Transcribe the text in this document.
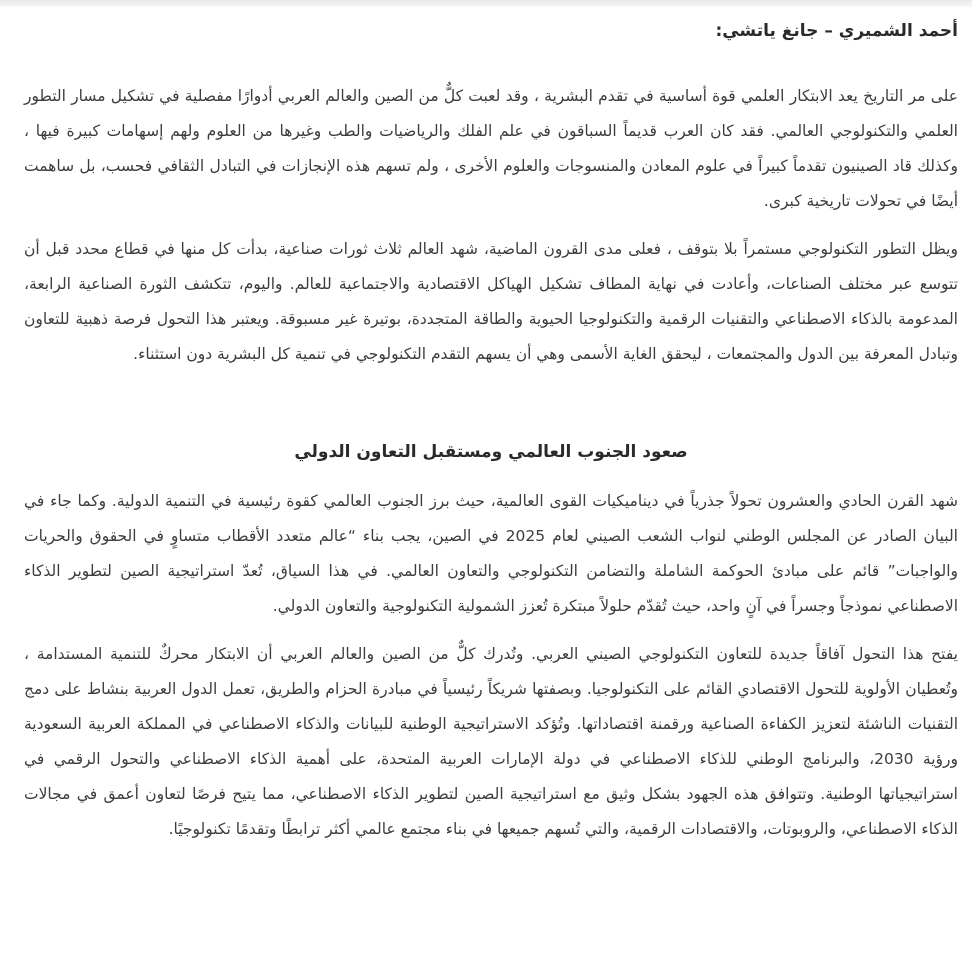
أحمد الشميري – جانغ ياتشي:

على مر التاريخ يعد الابتكار العلمي قوة أساسية في تقدم البشرية ، وقد لعبت كلٌّ من الصين والعالم العربي أدوارًا مفصلية في تشكيل مسار التطور العلمي والتكنولوجي العالمي. فقد كان العرب قديماً السباقون في علم الفلك والرياضيات والطب وغيرها من العلوم ولهم إسهامات كبيرة فيها ، وكذلك قاد الصينيون تقدماً كبيراً في علوم المعادن والمنسوجات والعلوم الأخرى ، ولم تسهم هذه الإنجازات في التبادل الثقافي فحسب، بل ساهمت أيضًا في تحولات تاريخية كبرى.

ويظل التطور التكنولوجي مستمراً بلا بتوقف ، فعلى مدى القرون الماضية، شهد العالم ثلاث ثورات صناعية، بدأت كل منها في قطاع محدد قبل أن تتوسع عبر مختلف الصناعات، وأعادت في نهاية المطاف تشكيل الهياكل الاقتصادية والاجتماعية للعالم. واليوم، تتكشف الثورة الصناعية الرابعة، المدعومة بالذكاء الاصطناعي والتقنيات الرقمية والتكنولوجيا الحيوية والطاقة المتجددة، بوتيرة غير مسبوقة. ويعتبر هذا التحول فرصة ذهبية للتعاون وتبادل المعرفة بين الدول والمجتمعات ، ليحقق الغاية الأسمى وهي أن يسهم التقدم التكنولوجي في تنمية كل البشرية دون استثناء.

صعود الجنوب العالمي ومستقبل التعاون الدولي

شهد القرن الحادي والعشرون تحولاً جذرياً في ديناميكيات القوى العالمية، حيث برز الجنوب العالمي كقوة رئيسية في التنمية الدولية. وكما جاء في البيان الصادر عن المجلس الوطني لنواب الشعب الصيني لعام 2025 في الصين، يجب بناء “عالم متعدد الأقطاب متساوٍ في الحقوق والحريات والواجبات” قائم على مبادئ الحوكمة الشاملة والتضامن التكنولوجي والتعاون العالمي. في هذا السياق، تُعدّ استراتيجية الصين لتطوير الذكاء الاصطناعي نموذجاً وجسراً في آنٍ واحد، حيث تُقدّم حلولاً مبتكرة تُعزز الشمولية التكنولوجية والتعاون الدولي.

يفتح هذا التحول آفاقاً جديدة للتعاون التكنولوجي الصيني العربي. وتُدرك كلٌّ من الصين والعالم العربي أن الابتكار محركٌ للتنمية المستدامة ، وتُعطيان الأولوية للتحول الاقتصادي القائم على التكنولوجيا. وبصفتها شريكاً رئيسياً في مبادرة الحزام والطريق، تعمل الدول العربية بنشاط على دمج التقنيات الناشئة لتعزيز الكفاءة الصناعية ورقمنة اقتصاداتها. وتُؤكد الاستراتيجية الوطنية للبيانات والذكاء الاصطناعي في المملكة العربية السعودية ورؤية 2030، والبرنامج الوطني للذكاء الاصطناعي في دولة الإمارات العربية المتحدة، على أهمية الذكاء الاصطناعي والتحول الرقمي في استراتيجياتها الوطنية. وتتوافق هذه الجهود بشكل وثيق مع استراتيجية الصين لتطوير الذكاء الاصطناعي، مما يتيح فرصًا لتعاون أعمق في مجالات الذكاء الاصطناعي، والروبوتات، والاقتصادات الرقمية، والتي تُسهم جميعها في بناء مجتمع عالمي أكثر ترابطًا وتقدمًا تكنولوجيًا.
